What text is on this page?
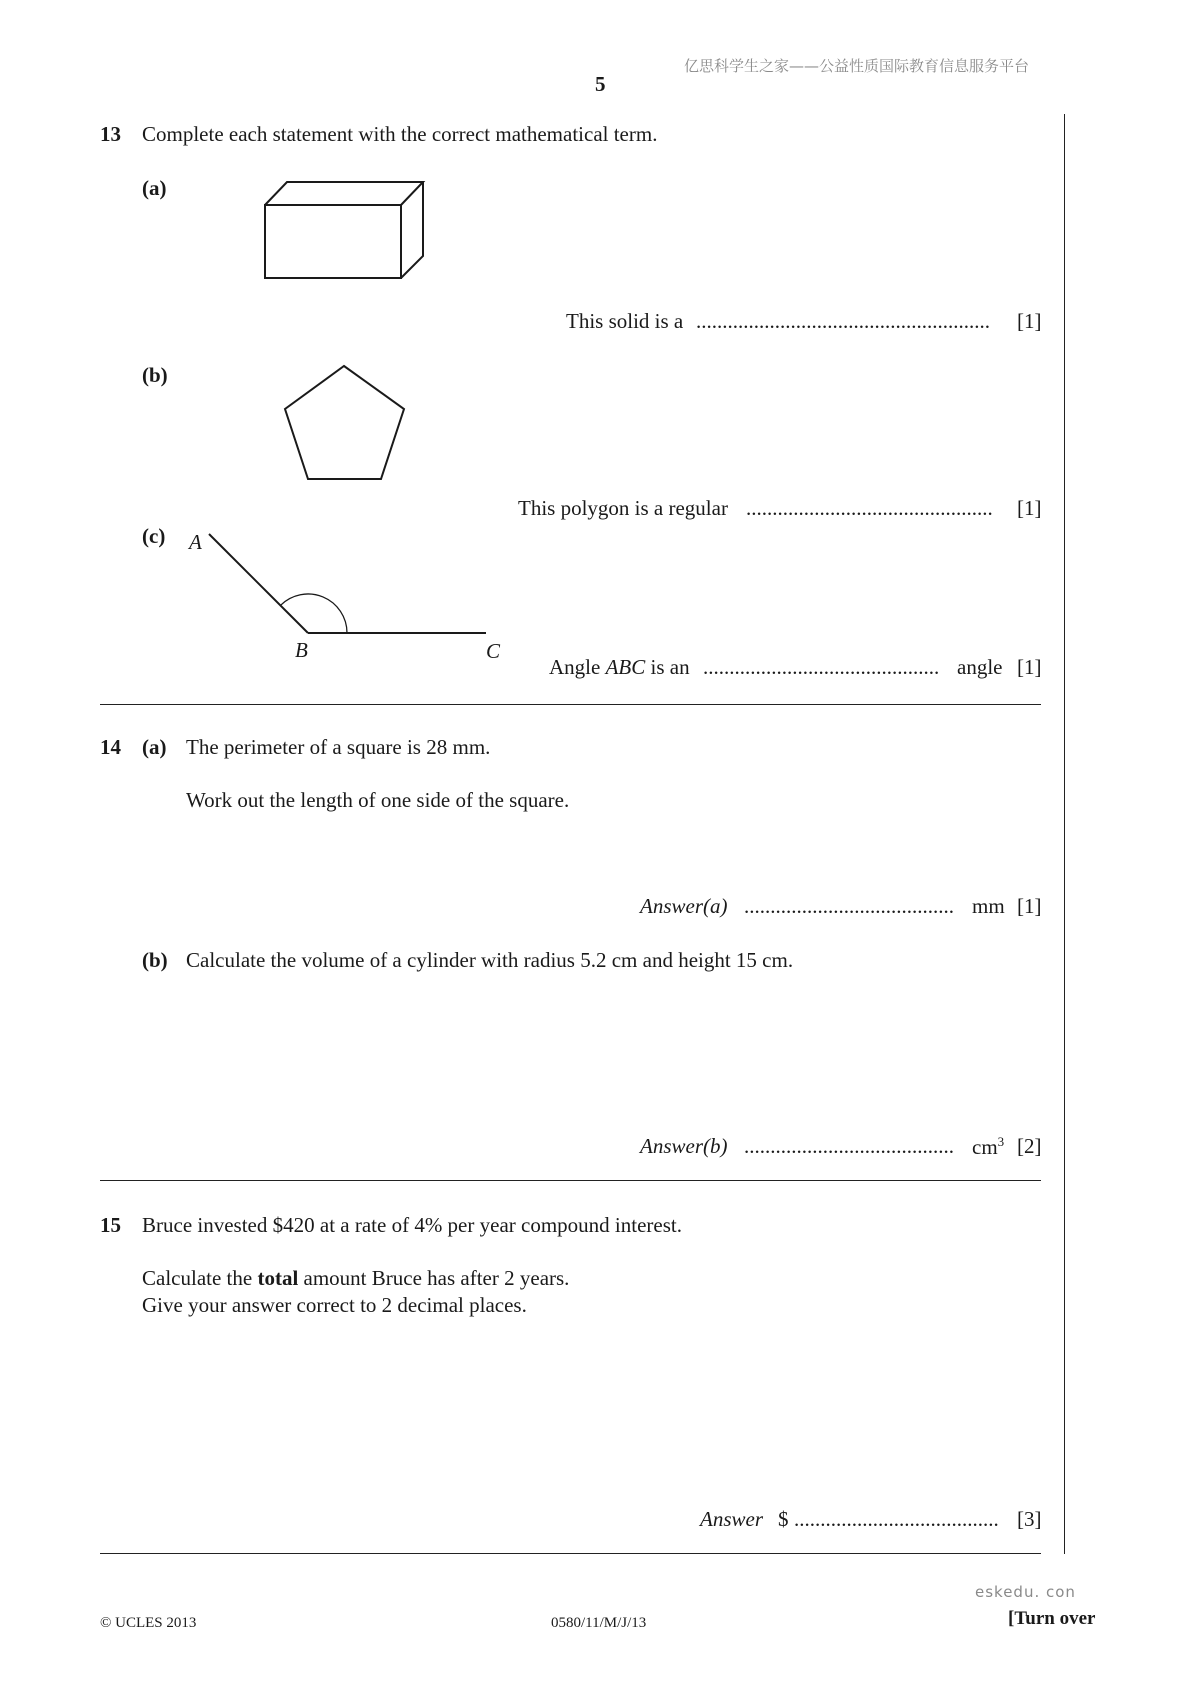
亿思科学生之家——公益性质国际教育信息服务平台
5
13 Complete each statement with the correct mathematical term.
(a)
This solid is a ........................................................ [1]
(b)
This polygon is a regular ............................................... [1]
(c) A
B	C
Angle ABC is an ............................................. angle [1]
14 (a) The perimeter of a square is 28 mm.
Work out the length of one side of the square.
Answer(a) ........................................ mm [1]
(b) Calculate the volume of a cylinder with radius 5.2 cm and height 15 cm.
Answer(b) ........................................ $cm^3$ [2]
15 Bruce invested $420 at a rate of 4% per year compound interest.
Calculate the total amount Bruce has after 2 years.
Give your answer correct to 2 decimal places.
Answer $ ....................................... [3]
eskedu. con
© UCLES 2013	0580/11/M/J/13	[Turn over
